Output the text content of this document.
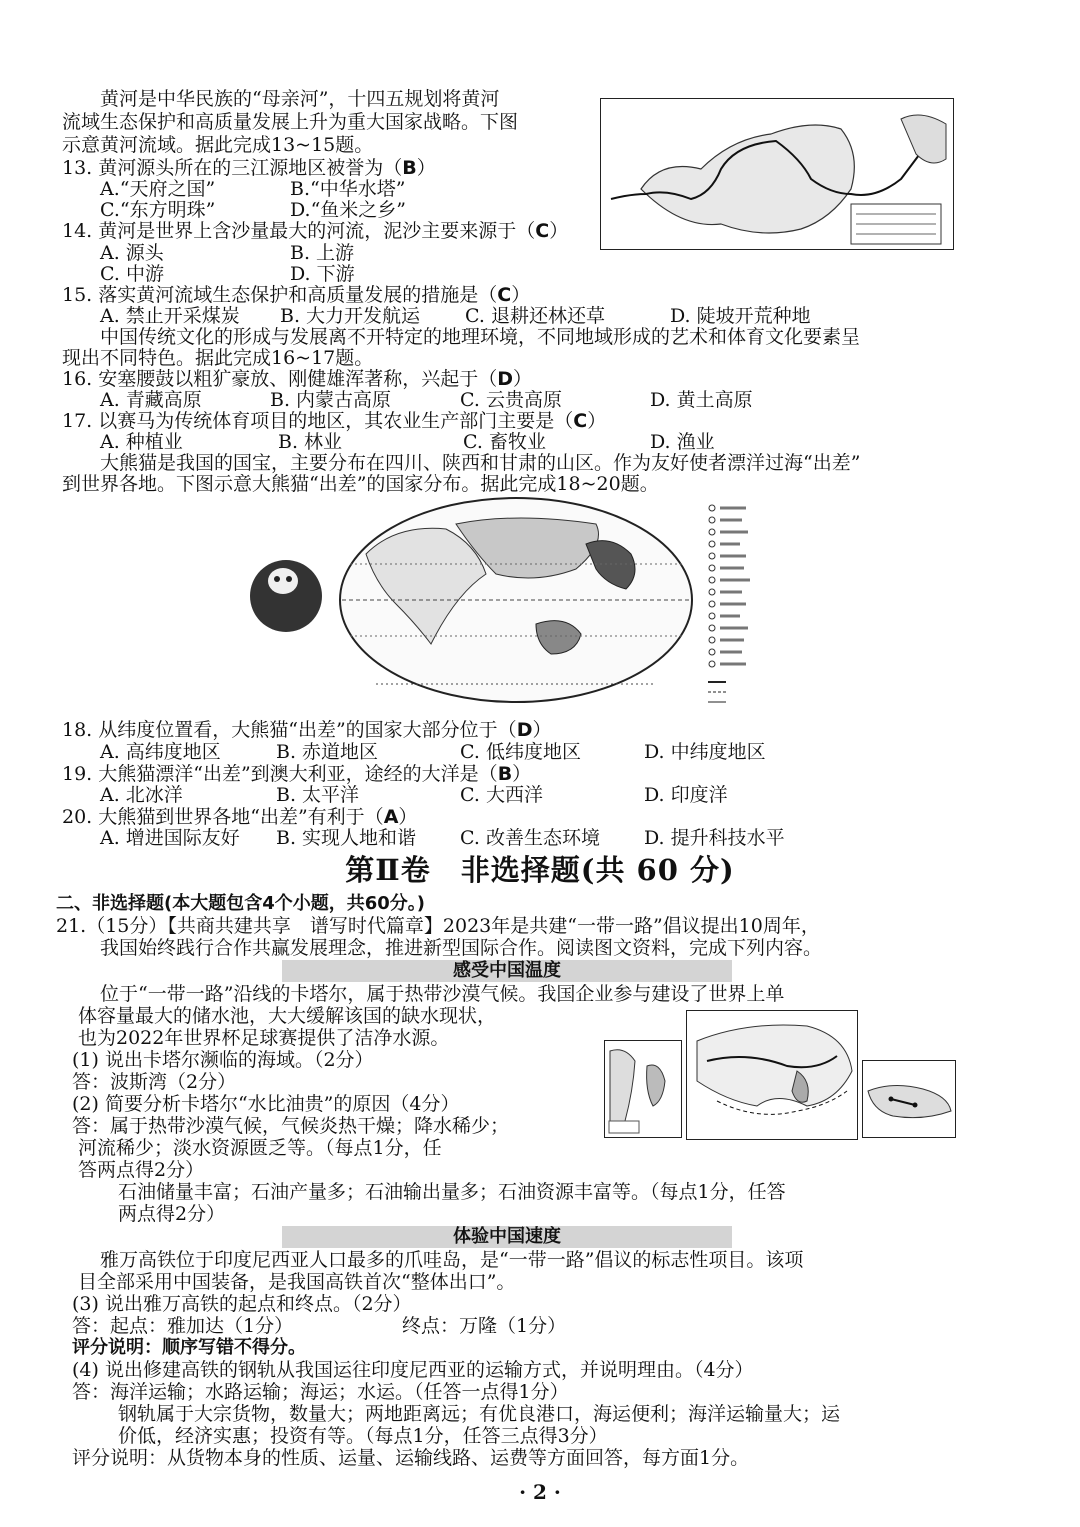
黄河是中华民族的“母亲河”，十四五规划将黄河
流域生态保护和高质量发展上升为重大国家战略。下图
示意黄河流域。据此完成13~15题。
13. 黄河源头所在的三江源地区被誉为（B）
A.“天府之国”	B.“中华水塔”
C.“东方明珠”	D.“鱼米之乡”
14. 黄河是世界上含沙量最大的河流，泥沙主要来源于（C）
A. 源头	B. 上游
C. 中游	D. 下游
15. 落实黄河流域生态保护和高质量发展的措施是（C）
A. 禁止开采煤炭 B. 大力开发航运 C. 退耕还林还草	D. 陡坡开荒种地
中国传统文化的形成与发展离不开特定的地理环境，不同地域形成的艺术和体育文化要素呈
现出不同特色。据此完成16~17题。
16. 安塞腰鼓以粗犷豪放、刚健雄浑著称，兴起于（D）
A. 青藏高原	B. 内蒙古高原	C. 云贵高原	D. 黄土高原
17. 以赛马为传统体育项目的地区，其农业生产部门主要是（C）
A. 种植业	B. 林业	C. 畜牧业	D. 渔业
大熊猫是我国的国宝，主要分布在四川、陕西和甘肃的山区。作为友好使者漂洋过海“出差”
到世界各地。下图示意大熊猫“出差”的国家分布。据此完成18~20题。
18. 从纬度位置看，大熊猫“出差”的国家大部分位于（D）
A. 高纬度地区	B. 赤道地区	C. 低纬度地区	D. 中纬度地区
19. 大熊猫漂洋“出差”到澳大利亚，途经的大洋是（B）
A. 北冰洋	B. 太平洋	C. 大西洋	D. 印度洋
20. 大熊猫到世界各地“出差”有利于（A）
A. 增进国际友好 B. 实现人地和谐 C. 改善生态环境 D. 提升科技水平
第Ⅱ卷　非选择题(共 60 分)
二、非选择题(本大题包含4个小题，共60分。)
21.（15分）【共商共建共享　谱写时代篇章】2023年是共建“一带一路”倡议提出10周年，
我国始终践行合作共赢发展理念，推进新型国际合作。阅读图文资料，完成下列内容。
感受中国温度
位于“一带一路”沿线的卡塔尔，属于热带沙漠气候。我国企业参与建设了世界上单
体容量最大的储水池，大大缓解该国的缺水现状，
也为2022年世界杯足球赛提供了洁净水源。
(1) 说出卡塔尔濒临的海域。（2分）
答：波斯湾（2分）
(2) 简要分析卡塔尔“水比油贵”的原因（4分）
答：属于热带沙漠气候，气候炎热干燥；降水稀少；
河流稀少；淡水资源匮乏等。（每点1分，任
答两点得2分）
石油储量丰富；石油产量多；石油输出量多；石油资源丰富等。（每点1分，任答
两点得2分）
体验中国速度
雅万高铁位于印度尼西亚人口最多的爪哇岛，是“一带一路”倡议的标志性项目。该项
目全部采用中国装备，是我国高铁首次“整体出口”。
(3) 说出雅万高铁的起点和终点。（2分）
答：起点：雅加达（1分）	终点：万隆（1分）
评分说明：顺序写错不得分。
(4) 说出修建高铁的钢轨从我国运往印度尼西亚的运输方式，并说明理由。（4分）
答：海洋运输；水路运输；海运；水运。（任答一点得1分）
钢轨属于大宗货物，数量大；两地距离远；有优良港口，海运便利；海洋运输量大；运
价低，经济实惠；投资有等。（每点1分，任答三点得3分）
评分说明：从货物本身的性质、运量、运输线路、运费等方面回答，每方面1分。
· 2 ·
